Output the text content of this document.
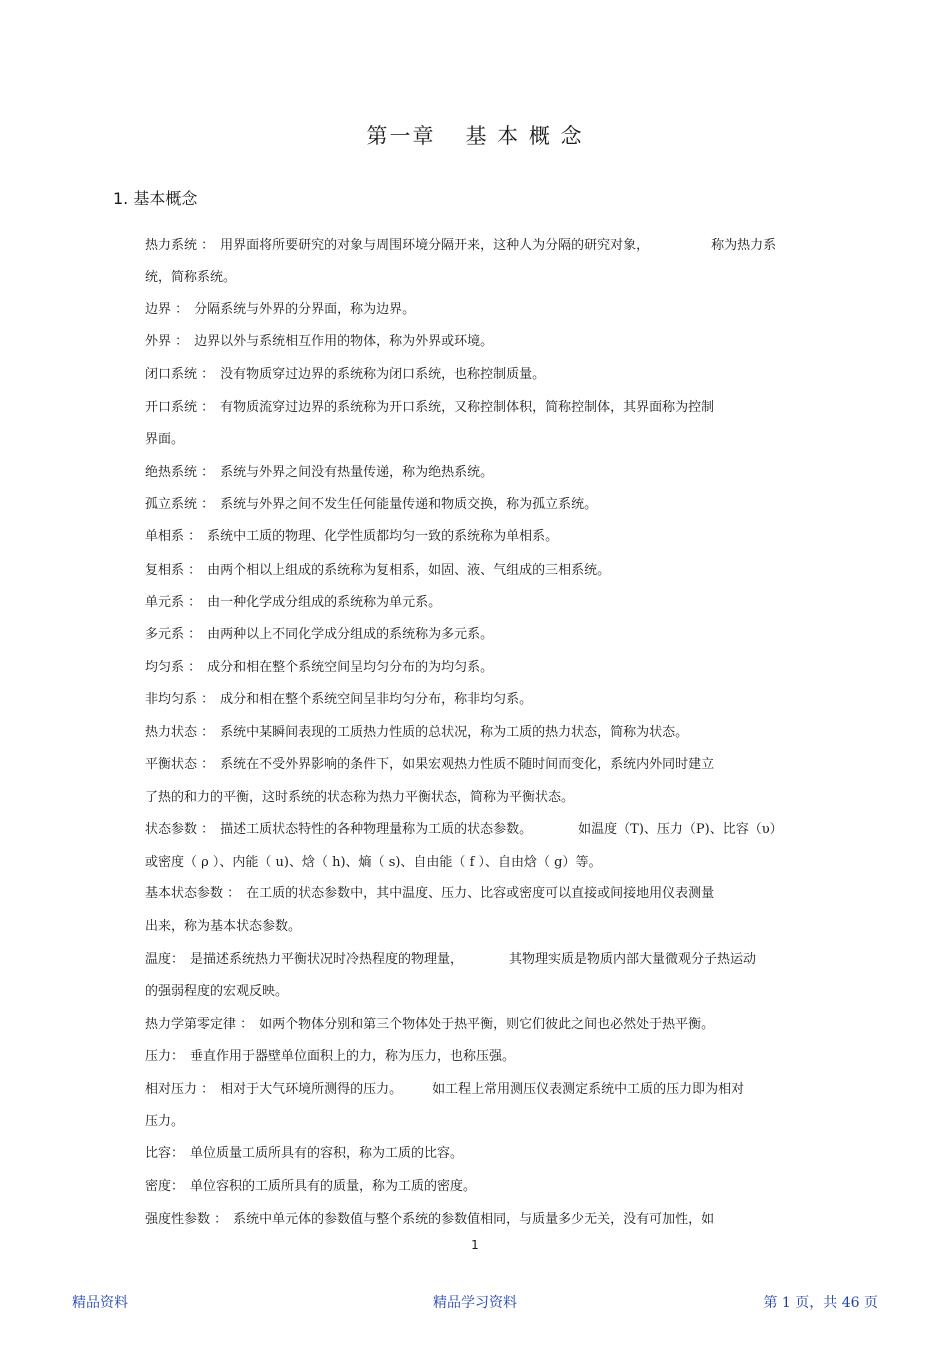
第一章 基 本 概 念
1. 基本概念
热力系统 ： 用界面将所要研究的对象与周围环境分隔开来，这种人为分隔的研究对象，	称为热力系
统，简称系统。
边界 ： 分隔系统与外界的分界面，称为边界。
外界 ： 边界以外与系统相互作用的物体，称为外界或环境。
闭口系统 ： 没有物质穿过边界的系统称为闭口系统，也称控制质量。
开口系统 ： 有物质流穿过边界的系统称为开口系统，又称控制体积，简称控制体，其界面称为控制
界面。
绝热系统 ： 系统与外界之间没有热量传递，称为绝热系统。
孤立系统 ： 系统与外界之间不发生任何能量传递和物质交换，称为孤立系统。
单相系 ： 系统中工质的物理、化学性质都均匀一致的系统称为单相系。
复相系 ： 由两个相以上组成的系统称为复相系，如固、液、气组成的三相系统。
单元系 ： 由一种化学成分组成的系统称为单元系。
多元系 ： 由两种以上不同化学成分组成的系统称为多元系。
均匀系 ： 成分和相在整个系统空间呈均匀分布的为均匀系。
非均匀系 ： 成分和相在整个系统空间呈非均匀分布，称非均匀系。
热力状态 ： 系统中某瞬间表现的工质热力性质的总状况，称为工质的热力状态，简称为状态。
平衡状态 ： 系统在不受外界影响的条件下，如果宏观热力性质不随时间而变化，系统内外同时建立
了热的和力的平衡，这时系统的状态称为热力平衡状态，简称为平衡状态。
状态参数 ： 描述工质状态特性的各种物理量称为工质的状态参数。	如温度（T)、压力（P)、比容（υ）
或密度（ ρ ）、内能（ u)、焓（ h)、熵（ s)、自由能（ f ）、自由焓（ g）等。
基本状态参数 ： 在工质的状态参数中，其中温度、压力、比容或密度可以直接或间接地用仪表测量
出来，称为基本状态参数。
温度： 是描述系统热力平衡状况时冷热程度的物理量，	其物理实质是物质内部大量微观分子热运动
的强弱程度的宏观反映。
热力学第零定律 ： 如两个物体分别和第三个物体处于热平衡，则它们彼此之间也必然处于热平衡。
压力： 垂直作用于器壁单位面积上的力，称为压力，也称压强。
相对压力 ： 相对于大气环境所测得的压力。 如工程上常用测压仪表测定系统中工质的压力即为相对
压力。
比容： 单位质量工质所具有的容积，称为工质的比容。
密度： 单位容积的工质所具有的质量，称为工质的密度。
强度性参数 ： 系统中单元体的参数值与整个系统的参数值相同，与质量多少无关，没有可加性，如
1
精品资料	精品学习资料	第 1 页，共 46 页
